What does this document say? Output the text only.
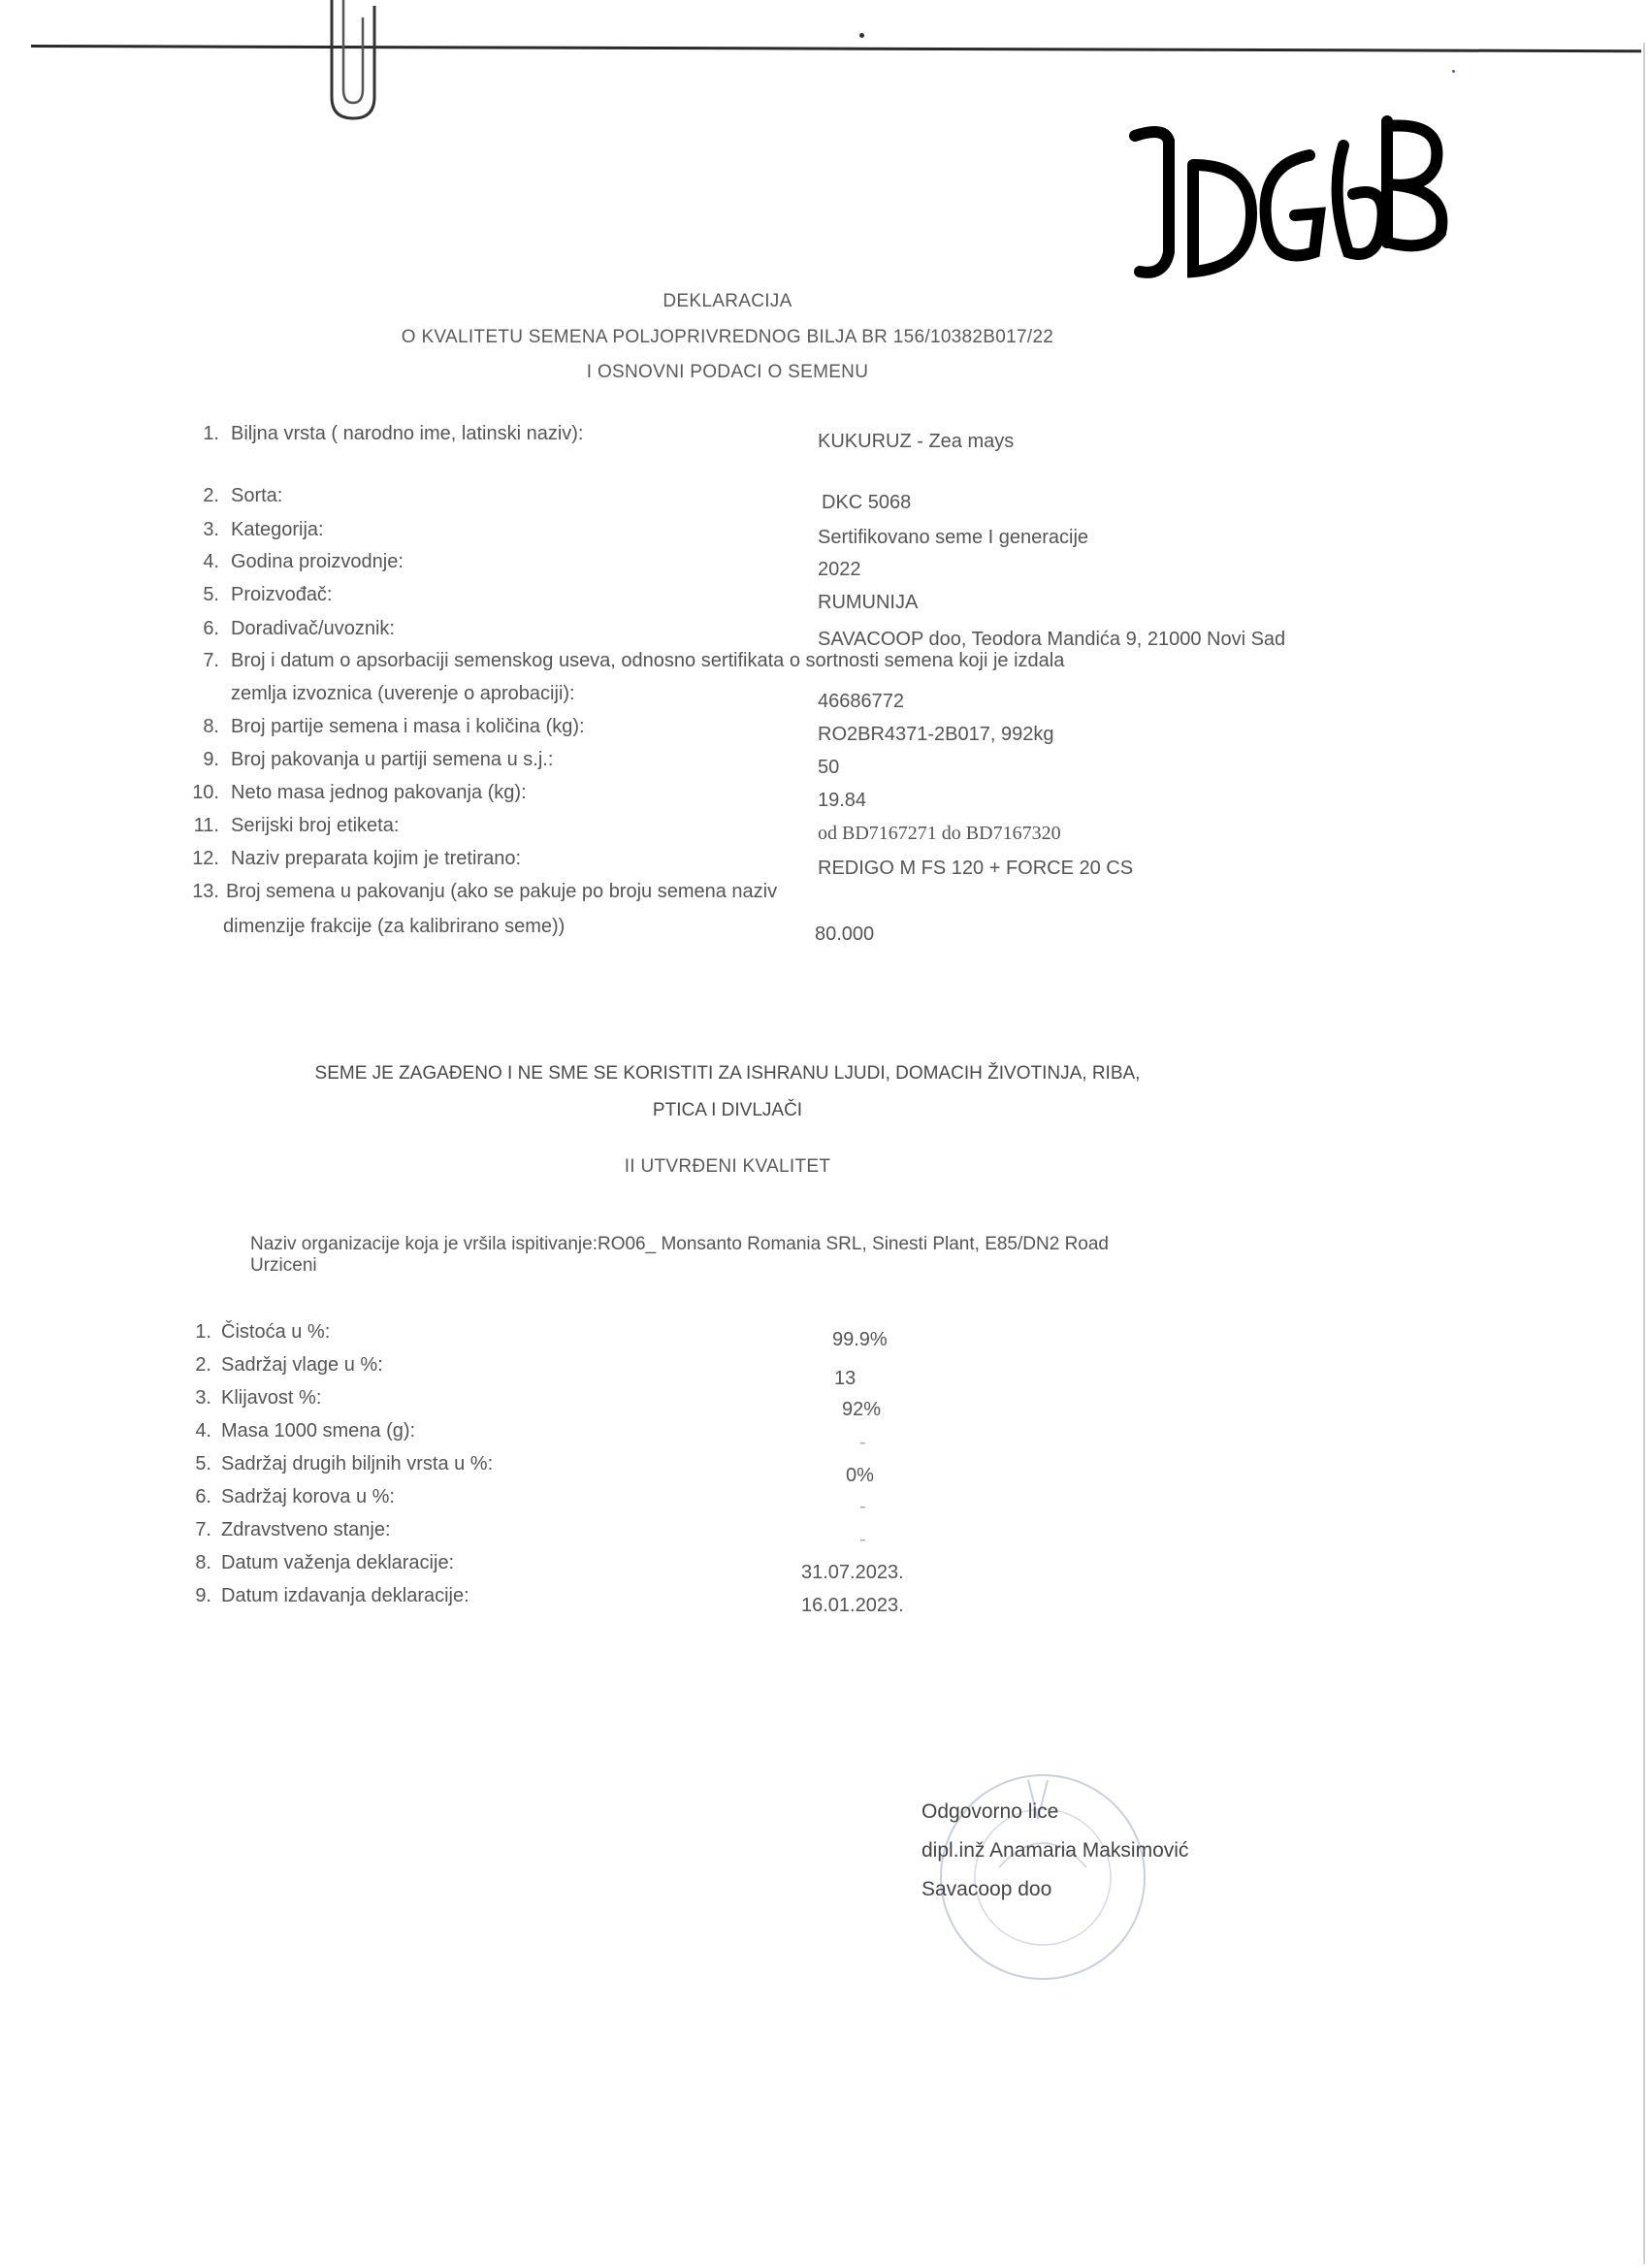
DEKLARACIJA
O KVALITETU SEMENA POLJOPRIVREDNOG BILJA BR 156/10382B017/22
I OSNOVNI PODACI O SEMENU
1. Biljna vrsta ( narodno ime, latinski naziv):	KUKURUZ - Zea mays
2. Sorta:	DKC 5068
3. Kategorija:	Sertifikovano seme I generacije
4. Godina proizvodnje:	2022
5. Proizvođač:	RUMUNIJA
6. Doradivač/uvoznik:	SAVACOOP doo, Teodora Mandića 9, 21000 Novi Sad
7. Broj i datum o apsorbaciji semenskog useva, odnosno sertifikata o sortnosti semena koji je izdala
zemlja izvoznica (uverenje o aprobaciji):	46686772
8. Broj partije semena i masa i količina (kg):	RO2BR4371-2B017, 992kg
9. Broj pakovanja u partiji semena u s.j.:	50
10. Neto masa jednog pakovanja (kg):	19.84
11. Serijski broj etiketa:	od BD7167271 do BD7167320
12. Naziv preparata kojim je tretirano:	REDIGO M FS 120 + FORCE 20 CS
13. Broj semena u pakovanju (ako se pakuje po broju semena naziv
dimenzije frakcije (za kalibrirano seme))	80.000
SEME JE ZAGAĐENO I NE SME SE KORISTITI ZA ISHRANU LJUDI, DOMACIH ŽIVOTINJA, RIBA,
PTICA I DIVLJAČI
II UTVRĐENI KVALITET
Naziv organizacije koja je vršila ispitivanje:RO06_ Monsanto Romania SRL, Sinesti Plant, E85/DN2 Road
Urziceni
1. Čistoća u %:	99.9%
2. Sadržaj vlage u %:
13
3. Klijavost %:
92%
4. Masa 1000 smena (g):
-
5. Sadržaj drugih biljnih vrsta u %:
0%
6. Sadržaj korova u %:	-
7. Zdravstveno stanje:	-
8. Datum važenja deklaracije:	31.07.2023.
9. Datum izdavanja deklaracije:	16.01.2023.
Odgovorno lice
dipl.inž Anamaria Maksimović
Savacoop doo
